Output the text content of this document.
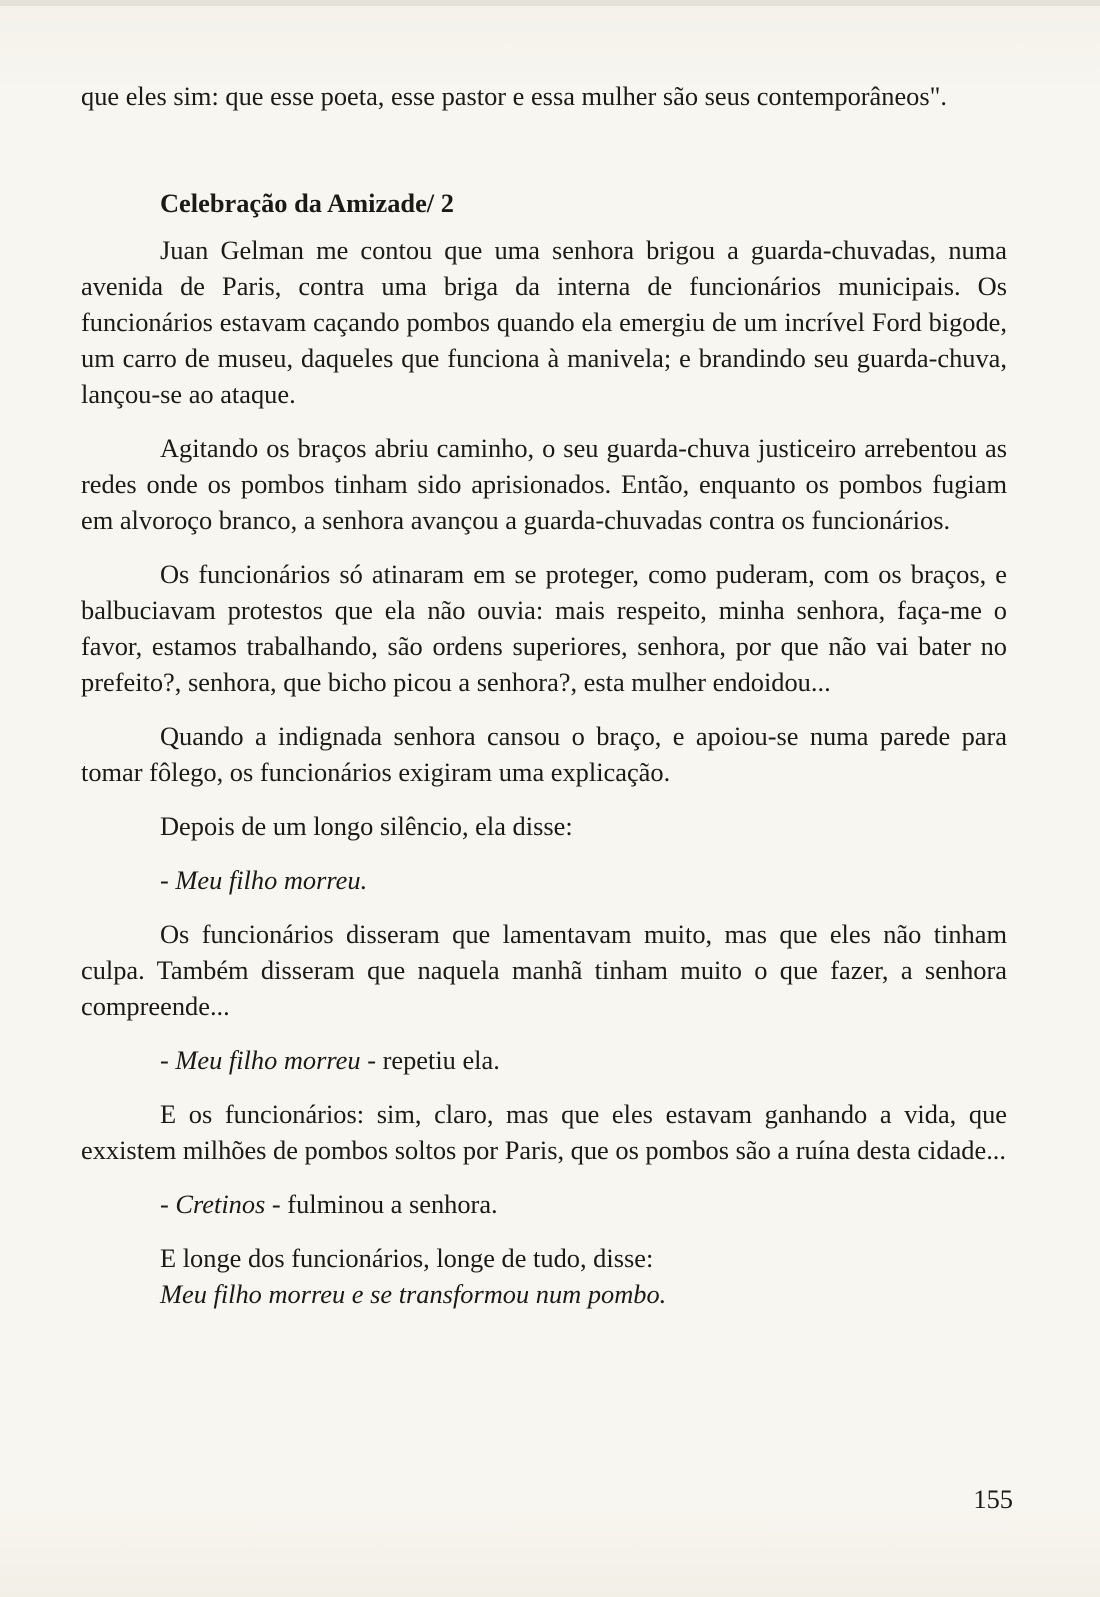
que eles sim: que esse poeta, esse pastor e essa mulher são seus contemporâneos".

Celebração da Amizade/ 2

Juan Gelman me contou que uma senhora brigou a guarda-chuvadas, numa avenida de Paris, contra uma briga da interna de funcionários municipais. Os funcionários estavam caçando pombos quando ela emergiu de um incrível Ford bigode, um carro de museu, daqueles que funciona à manivela; e brandindo seu guarda-chuva, lançou-se ao ataque.

Agitando os braços abriu caminho, o seu guarda-chuva justiceiro arrebentou as redes onde os pombos tinham sido aprisionados. Então, enquanto os pombos fugiam em alvoroço branco, a senhora avançou a guarda-chuvadas contra os funcionários.

Os funcionários só atinaram em se proteger, como puderam, com os braços, e balbuciavam protestos que ela não ouvia: mais respeito, minha senhora, faça-me o favor, estamos trabalhando, são ordens superiores, senhora, por que não vai bater no prefeito?, senhora, que bicho picou a senhora?, esta mulher endoidou...

Quando a indignada senhora cansou o braço, e apoiou-se numa parede para tomar fôlego, os funcionários exigiram uma explicação.

Depois de um longo silêncio, ela disse:

- Meu filho morreu.

Os funcionários disseram que lamentavam muito, mas que eles não tinham culpa. Também disseram que naquela manhã tinham muito o que fazer, a senhora compreende...

- Meu filho morreu - repetiu ela.

E os funcionários: sim, claro, mas que eles estavam ganhando a vida, que exxistem milhões de pombos soltos por Paris, que os pombos são a ruína desta cidade...

- Cretinos - fulminou a senhora.

E longe dos funcionários, longe de tudo, disse:

Meu filho morreu e se transformou num pombo.

155
